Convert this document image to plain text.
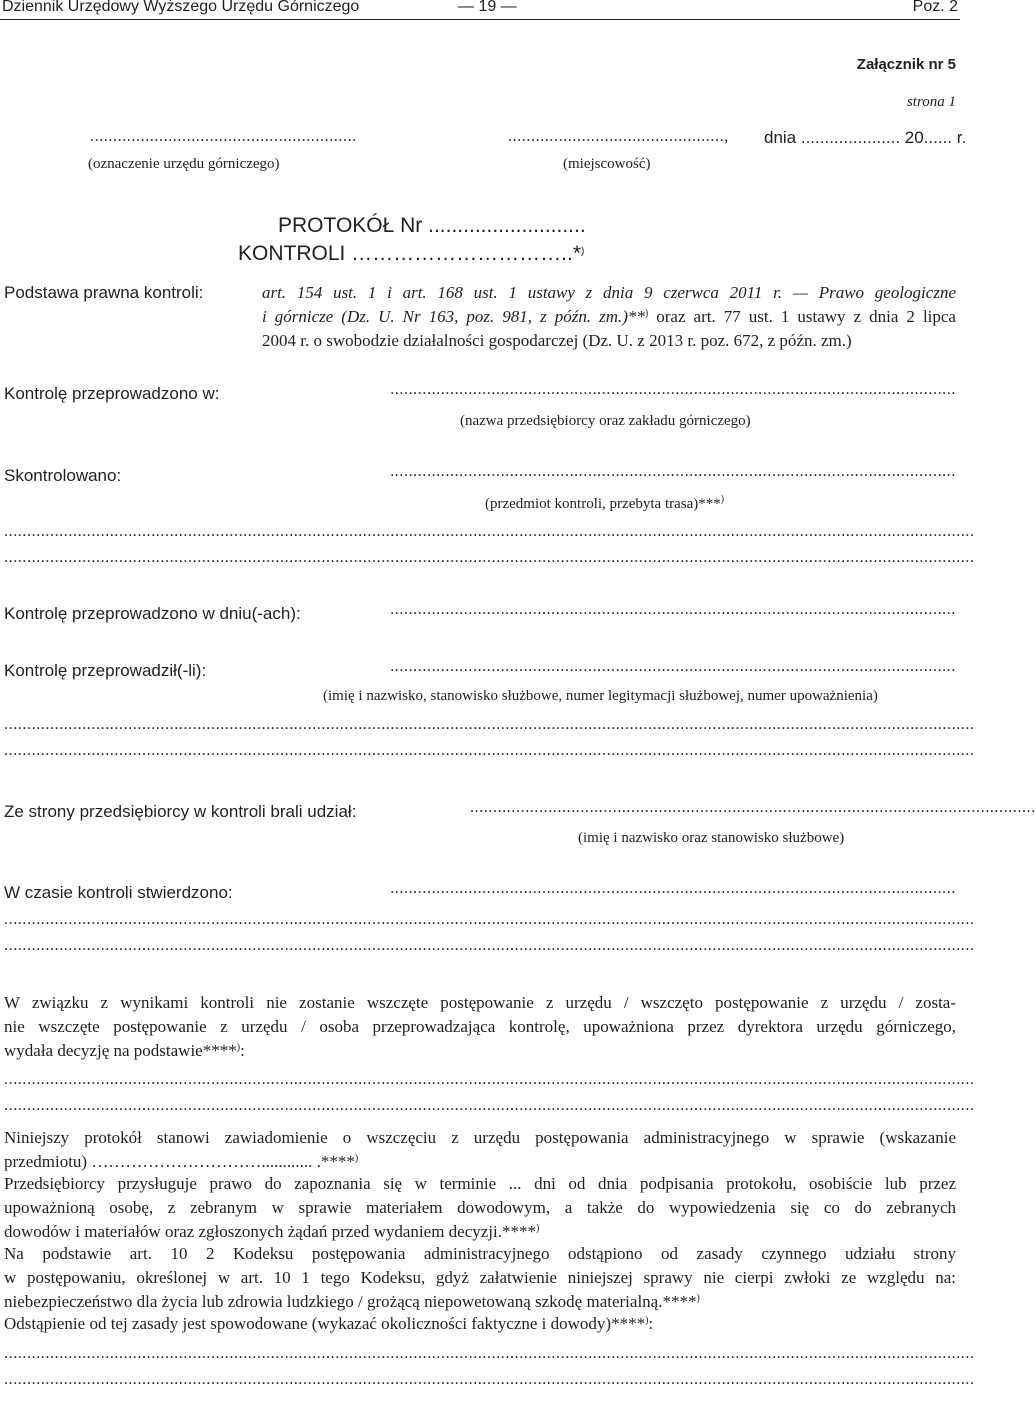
Dziennik Urzędowy Wyższego Urzędu Górniczego	— 19 —	Poz. 2
Załącznik nr 5
strona 1
..........................................................
(oznaczenie urzędu górniczego)
...............................................,
(miejscowość)
dnia ..................... 20...... r.
PROTOKÓŁ Nr ...........................
KONTROLI …………………………..*)
Podstawa prawna kontroli:	art. 154 ust. 1 i art. 168 ust. 1 ustawy z dnia 9 czerwca 2011 r. — Prawo geologiczne
i górnicze (Dz. U. Nr 163, poz. 981, z późn. zm.)**) oraz art. 77 ust. 1 ustawy z dnia 2 lipca
2004 r. o swobodzie działalności gospodarczej (Dz. U. z 2013 r. poz. 672, z późn. zm.)
Kontrolę przeprowadzono w:	...........................................................................................................................
(nazwa przedsiębiorcy oraz zakładu górniczego)
Skontrolowano:	...........................................................................................................................
(przedmiot kontroli, przebyta trasa)***)
...................................................................................................................................................................................................................
...................................................................................................................................................................................................................
Kontrolę przeprowadzono w dniu(-ach):	...........................................................................................................................
Kontrolę przeprowadził(-li):	...........................................................................................................................
(imię i nazwisko, stanowisko służbowe, numer legitymacji służbowej, numer upoważnienia)
...................................................................................................................................................................................................................
...................................................................................................................................................................................................................
Ze strony przedsiębiorcy w kontroli brali udział:	...........................................................................................................................
(imię i nazwisko oraz stanowisko służbowe)
W czasie kontroli stwierdzono:	...........................................................................................................................
...................................................................................................................................................................................................................
...................................................................................................................................................................................................................
W związku z wynikami kontroli nie zostanie wszczęte postępowanie z urzędu / wszczęto postępowanie z urzędu / zosta-
nie wszczęte postępowanie z urzędu / osoba przeprowadzająca kontrolę, upoważniona przez dyrektora urzędu górniczego,
wydała decyzję na podstawie****):
...................................................................................................................................................................................................................
...................................................................................................................................................................................................................
Niniejszy protokół stanowi zawiadomienie o wszczęciu z urzędu postępowania administracyjnego w sprawie (wskazanie
przedmiotu) …………………………............ .****)
Przedsiębiorcy przysługuje prawo do zapoznania się w terminie ... dni od dnia podpisania protokołu, osobiście lub przez
upoważnioną osobę, z zebranym w sprawie materiałem dowodowym, a także do wypowiedzenia się co do zebranych
dowodów i materiałów oraz zgłoszonych żądań przed wydaniem decyzji.****)
Na podstawie art. 10 2 Kodeksu postępowania administracyjnego odstąpiono od zasady czynnego udziału strony
w postępowaniu, określonej w art. 10 1 tego Kodeksu, gdyż załatwienie niniejszej sprawy nie cierpi zwłoki ze względu na:
niebezpieczeństwo dla życia lub zdrowia ludzkiego / grożącą niepowetowaną szkodę materialną.****)
Odstąpienie od tej zasady jest spowodowane (wykazać okoliczności faktyczne i dowody)****):
...................................................................................................................................................................................................................
...................................................................................................................................................................................................................
